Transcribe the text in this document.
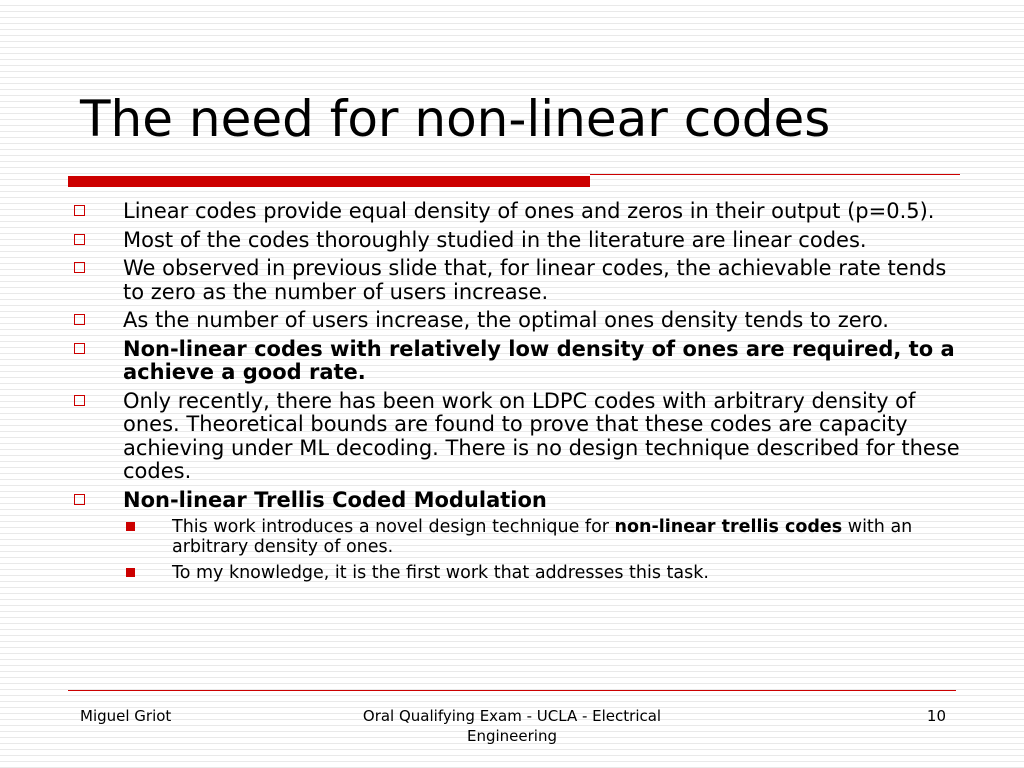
The need for non-linear codes
Linear codes provide equal density of ones and zeros in their output (p=0.5).
Most of the codes thoroughly studied in the literature are linear codes.
We observed in previous slide that, for linear codes, the achievable rate tends to zero as the number of users increase.
As the number of users increase, the optimal ones density tends to zero.
Non-linear codes with relatively low density of ones are required, to a achieve a good rate.
Only recently, there has been work on LDPC codes with arbitrary density of ones. Theoretical bounds are found to prove that these codes are capacity achieving under ML decoding. There is no design technique described for these codes.
Non-linear Trellis Coded Modulation
This work introduces a novel design technique for non-linear trellis codes with an arbitrary density of ones.
To my knowledge, it is the first work that addresses this task.
Miguel Griot	Oral Qualifying Exam - UCLA - Electrical Engineering
10
